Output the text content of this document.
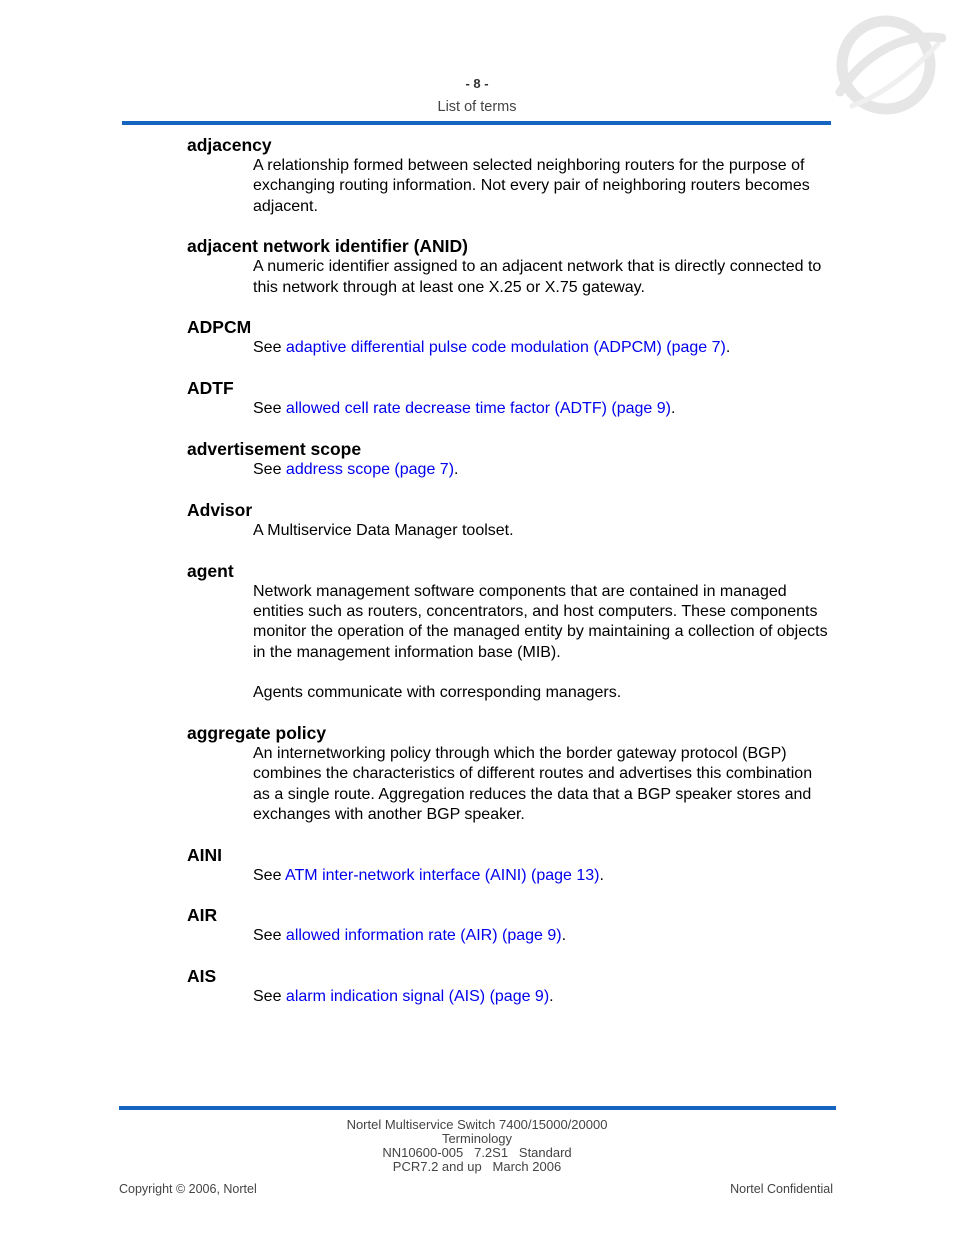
- 8 -
List of terms

adjacency

A relationship formed between selected neighboring routers for the purpose of exchanging routing information. Not every pair of neighboring routers becomes adjacent.

adjacent network identifier (ANID)

A numeric identifier assigned to an adjacent network that is directly connected to this network through at least one X.25 or X.75 gateway.

ADPCM

See adaptive differential pulse code modulation (ADPCM) (page 7).

ADTF

See allowed cell rate decrease time factor (ADTF) (page 9).

advertisement scope

See address scope (page 7).

Advisor

A Multiservice Data Manager toolset.

agent

Network management software components that are contained in managed entities such as routers, concentrators, and host computers. These components monitor the operation of the managed entity by maintaining a collection of objects in the management information base (MIB).

Agents communicate with corresponding managers.

aggregate policy

An internetworking policy through which the border gateway protocol (BGP) combines the characteristics of different routes and advertises this combination as a single route. Aggregation reduces the data that a BGP speaker stores and exchanges with another BGP speaker.

AINI

See ATM inter-network interface (AINI) (page 13).

AIR

See allowed information rate (AIR) (page 9).

AIS

See alarm indication signal (AIS) (page 9).

Nortel Multiservice Switch 7400/15000/20000
Terminology
NN10600-005   7.2S1   Standard
PCR7.2 and up   March 2006
Copyright © 2006, Nortel	Nortel Confidential
